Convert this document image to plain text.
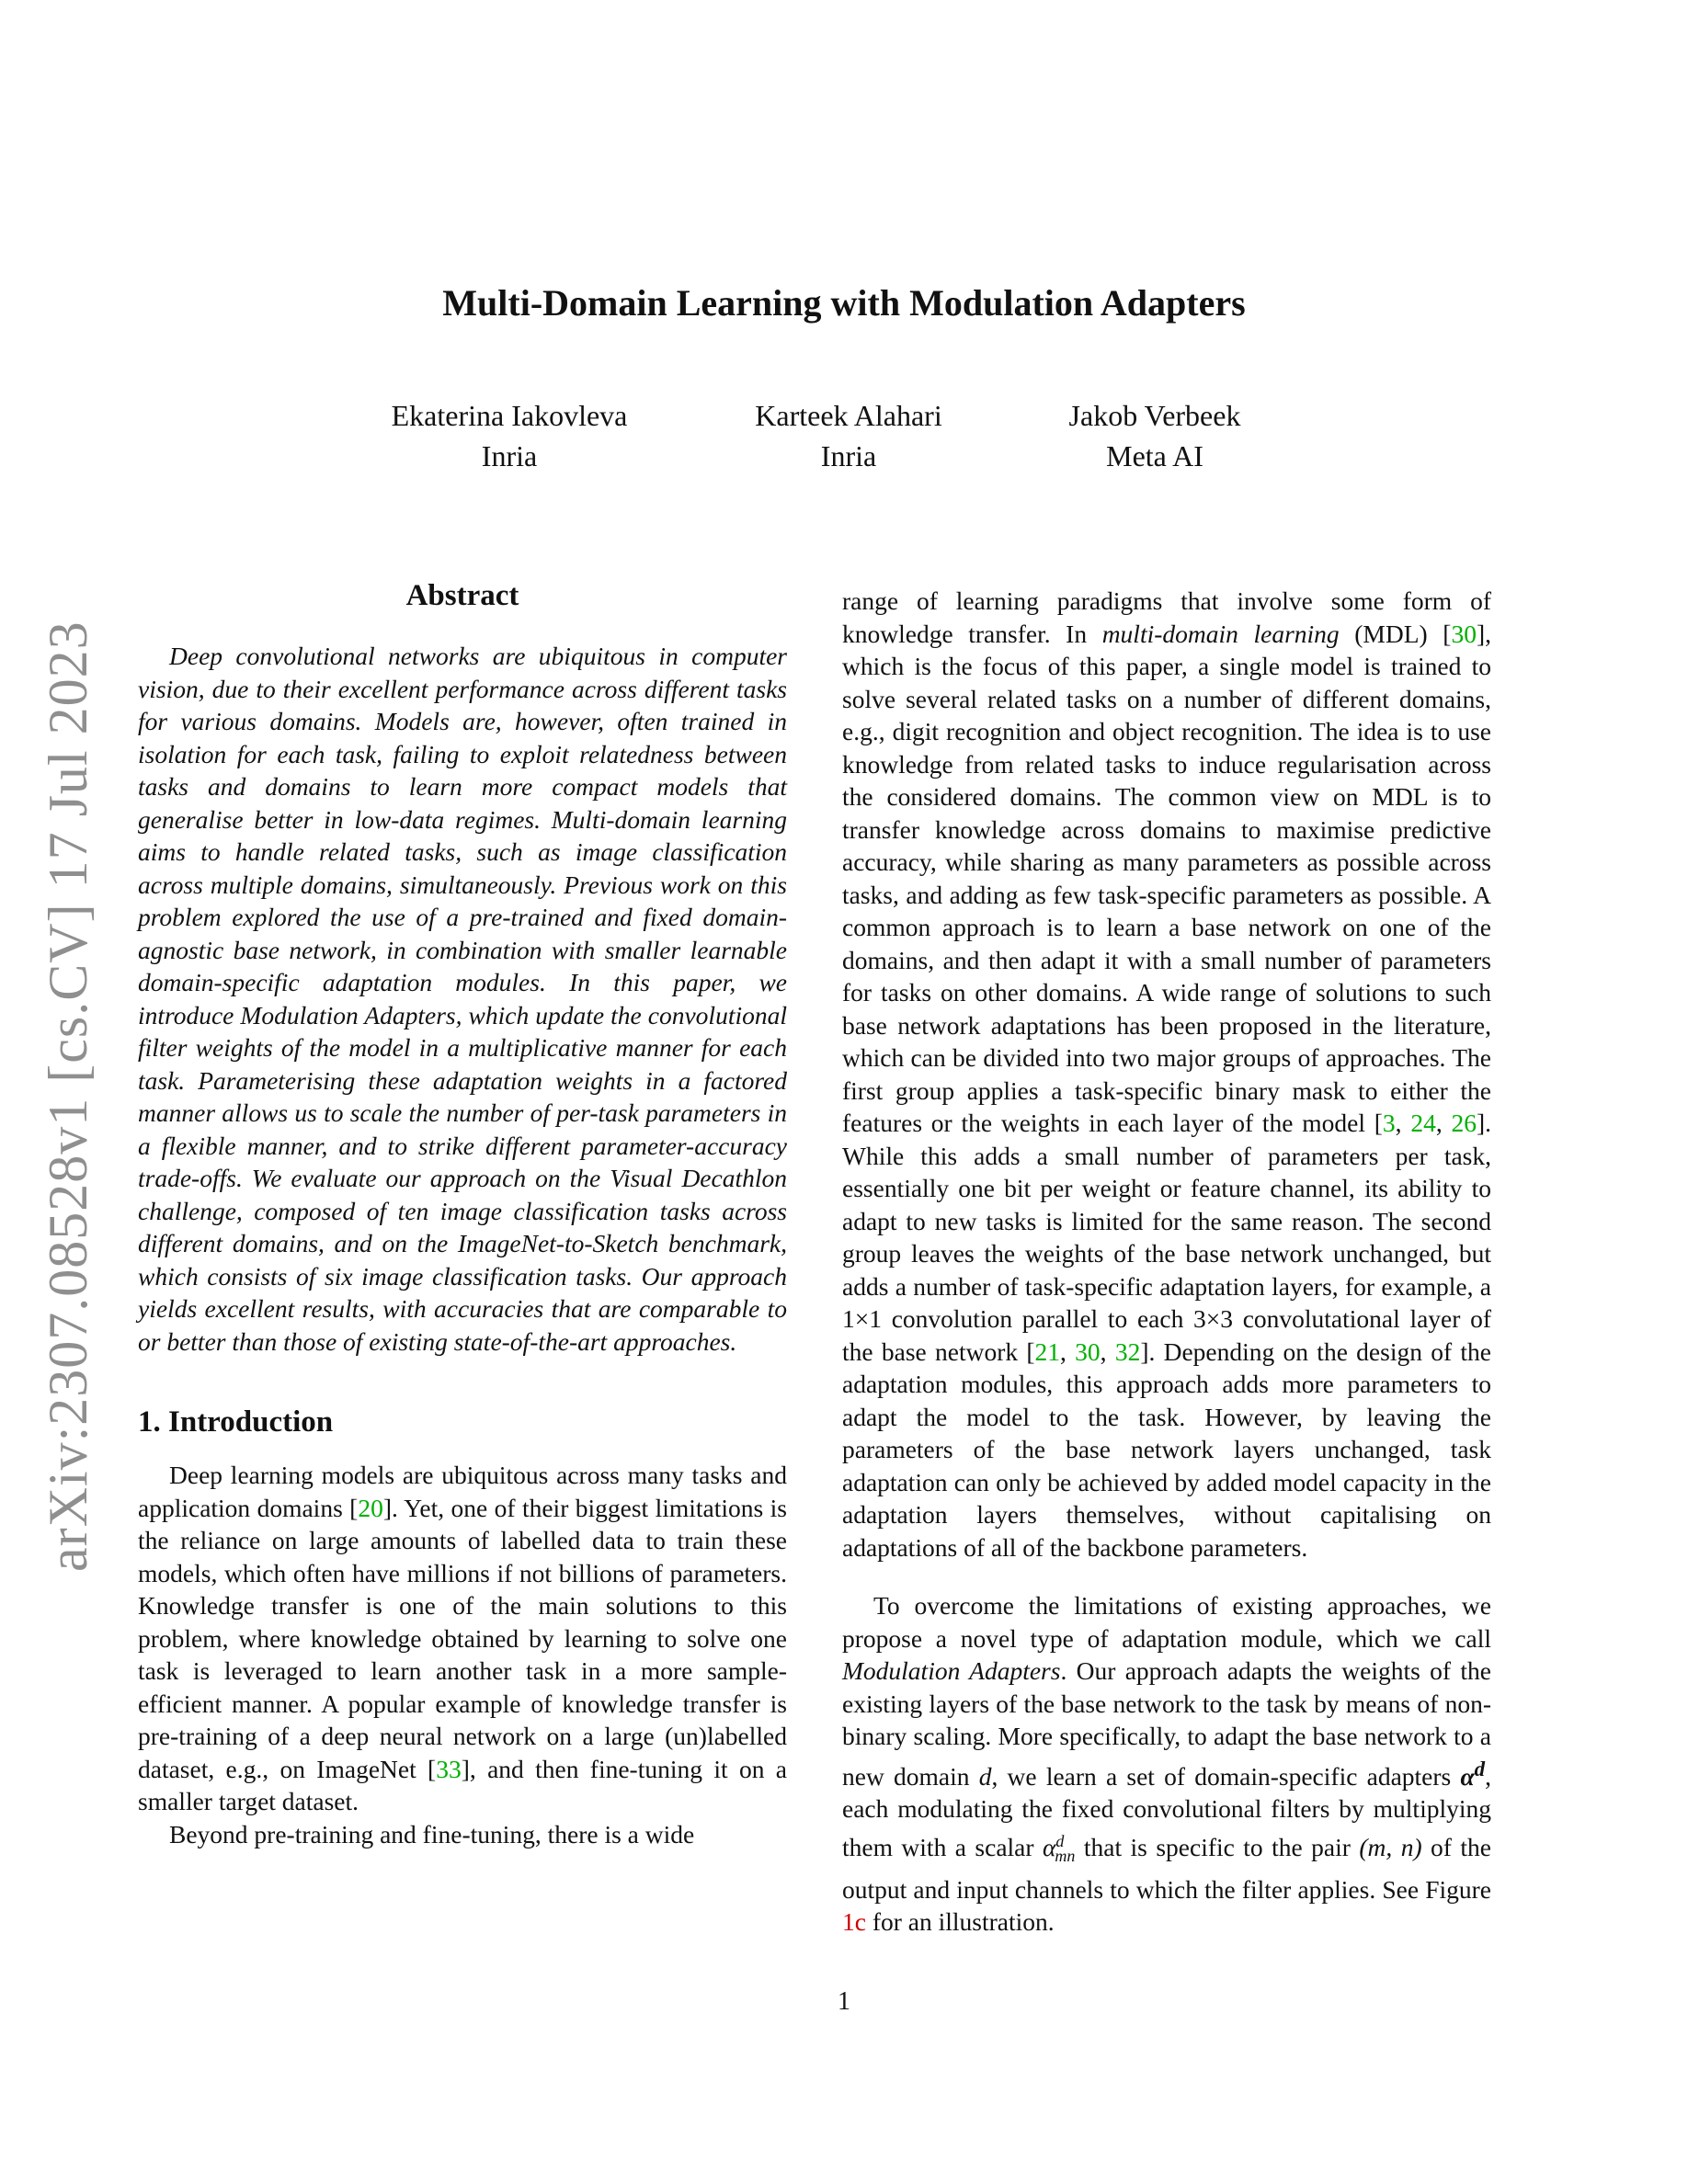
arXiv:2307.08528v1 [cs.CV] 17 Jul 2023
Multi-Domain Learning with Modulation Adapters
Ekaterina Iakovleva
Inria
Karteek Alahari
Inria
Jakob Verbeek
Meta AI
Abstract

Deep convolutional networks are ubiquitous in computer vision, due to their excellent performance across different tasks for various domains. Models are, however, often trained in isolation for each task, failing to exploit relatedness between tasks and domains to learn more compact models that generalise better in low-data regimes. Multi-domain learning aims to handle related tasks, such as image classification across multiple domains, simultaneously. Previous work on this problem explored the use of a pre-trained and fixed domain-agnostic base network, in combination with smaller learnable domain-specific adaptation modules. In this paper, we introduce Modulation Adapters, which update the convolutional filter weights of the model in a multiplicative manner for each task. Parameterising these adaptation weights in a factored manner allows us to scale the number of per-task parameters in a flexible manner, and to strike different parameter-accuracy trade-offs. We evaluate our approach on the Visual Decathlon challenge, composed of ten image classification tasks across different domains, and on the ImageNet-to-Sketch benchmark, which consists of six image classification tasks. Our approach yields excellent results, with accuracies that are comparable to or better than those of existing state-of-the-art approaches.

1. Introduction

Deep learning models are ubiquitous across many tasks and application domains [20]. Yet, one of their biggest limitations is the reliance on large amounts of labelled data to train these models, which often have millions if not billions of parameters. Knowledge transfer is one of the main solutions to this problem, where knowledge obtained by learning to solve one task is leveraged to learn another task in a more sample-efficient manner. A popular example of knowledge transfer is pre-training of a deep neural network on a large (un)labelled dataset, e.g., on ImageNet [33], and then fine-tuning it on a smaller target dataset.

Beyond pre-training and fine-tuning, there is a wide

range of learning paradigms that involve some form of knowledge transfer. In multi-domain learning (MDL) [30], which is the focus of this paper, a single model is trained to solve several related tasks on a number of different domains, e.g., digit recognition and object recognition. The idea is to use knowledge from related tasks to induce regularisation across the considered domains. The common view on MDL is to transfer knowledge across domains to maximise predictive accuracy, while sharing as many parameters as possible across tasks, and adding as few task-specific parameters as possible. A common approach is to learn a base network on one of the domains, and then adapt it with a small number of parameters for tasks on other domains. A wide range of solutions to such base network adaptations has been proposed in the literature, which can be divided into two major groups of approaches. The first group applies a task-specific binary mask to either the features or the weights in each layer of the model [3, 24, 26]. While this adds a small number of parameters per task, essentially one bit per weight or feature channel, its ability to adapt to new tasks is limited for the same reason. The second group leaves the weights of the base network unchanged, but adds a number of task-specific adaptation layers, for example, a 1×1 convolution parallel to each 3×3 convolutational layer of the base network [21, 30, 32]. Depending on the design of the adaptation modules, this approach adds more parameters to adapt the model to the task. However, by leaving the parameters of the base network layers unchanged, task adaptation can only be achieved by added model capacity in the adaptation layers themselves, without capitalising on adaptations of all of the backbone parameters.

To overcome the limitations of existing approaches, we propose a novel type of adaptation module, which we call Modulation Adapters. Our approach adapts the weights of the existing layers of the base network to the task by means of non-binary scaling. More specifically, to adapt the base network to a new domain d, we learn a set of domain-specific adapters $\alpha^d$, each modulating the fixed convolutional filters by multiplying them with a scalar $\alpha^d_{mn}$ that is specific to the pair (m, n) of the output and input channels to which the filter applies. See Figure 1c for an illustration.

1
